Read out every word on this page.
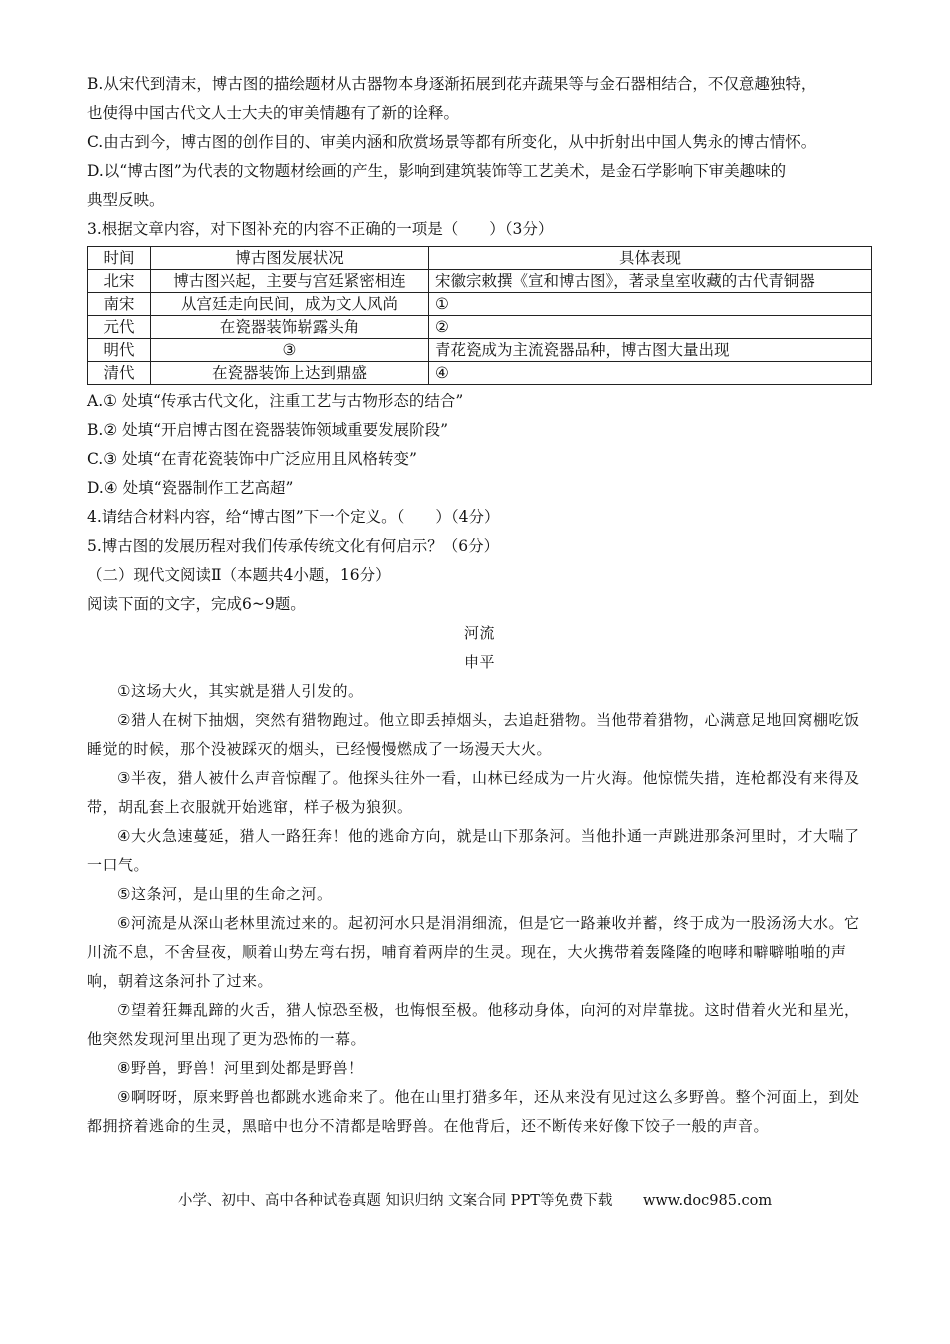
B.从宋代到清末，博古图的描绘题材从古器物本身逐渐拓展到花卉蔬果等与金石器相结合，不仅意趣独特，

也使得中国古代文人士大夫的审美情趣有了新的诠释。

C.由古到今，博古图的创作目的、审美内涵和欣赏场景等都有所变化，从中折射出中国人隽永的博古情怀。

D.以“博古图”为代表的文物题材绘画的产生，影响到建筑装饰等工艺美术，是金石学影响下审美趣味的

典型反映。

3.根据文章内容，对下图补充的内容不正确的一项是（　　）（3分）

时间	博古图发展状况	具体表现
北宋	博古图兴起，主要与宫廷紧密相连	宋徽宗敕撰《宣和博古图》，著录皇室收藏的古代青铜器
南宋	从宫廷走向民间，成为文人风尚	①
元代	在瓷器装饰崭露头角	②
明代	③	青花瓷成为主流瓷器品种，博古图大量出现
清代	在瓷器装饰上达到鼎盛	④

A.① 处填“传承古代文化，注重工艺与古物形态的结合”

B.② 处填“开启博古图在瓷器装饰领域重要发展阶段”

C.③ 处填“在青花瓷装饰中广泛应用且风格转变”

D.④ 处填“瓷器制作工艺高超”

4.请结合材料内容，给“博古图”下一个定义。（　　）（4分）

5.博古图的发展历程对我们传承传统文化有何启示？（6分）

（二）现代文阅读Ⅱ（本题共4小题，16分）

阅读下面的文字，完成6~9题。

河流

申平

①这场大火，其实就是猎人引发的。

②猎人在树下抽烟，突然有猎物跑过。他立即丢掉烟头，去追赶猎物。当他带着猎物，心满意足地回窝棚吃饭睡觉的时候，那个没被踩灭的烟头，已经慢慢燃成了一场漫天大火。

③半夜，猎人被什么声音惊醒了。他探头往外一看，山林已经成为一片火海。他惊慌失措，连枪都没有来得及带，胡乱套上衣服就开始逃窜，样子极为狼狈。

④大火急速蔓延，猎人一路狂奔！他的逃命方向，就是山下那条河。当他扑通一声跳进那条河里时，才大喘了一口气。

⑤这条河，是山里的生命之河。

⑥河流是从深山老林里流过来的。起初河水只是涓涓细流，但是它一路兼收并蓄，终于成为一股汤汤大水。它川流不息，不舍昼夜，顺着山势左弯右拐，哺育着两岸的生灵。现在，大火携带着轰隆隆的咆哮和噼噼啪啪的声响，朝着这条河扑了过来。

⑦望着狂舞乱蹄的火舌，猎人惊恐至极，也悔恨至极。他移动身体，向河的对岸靠拢。这时借着火光和星光，他突然发现河里出现了更为恐怖的一幕。

⑧野兽，野兽！河里到处都是野兽！

⑨啊呀呀，原来野兽也都跳水逃命来了。他在山里打猎多年，还从来没有见过这么多野兽。整个河面上，到处都拥挤着逃命的生灵，黑暗中也分不清都是啥野兽。在他背后，还不断传来好像下饺子一般的声音。

小学、初中、高中各种试卷真题 知识归纳 文案合同 PPT等免费下载 www.doc985.com
